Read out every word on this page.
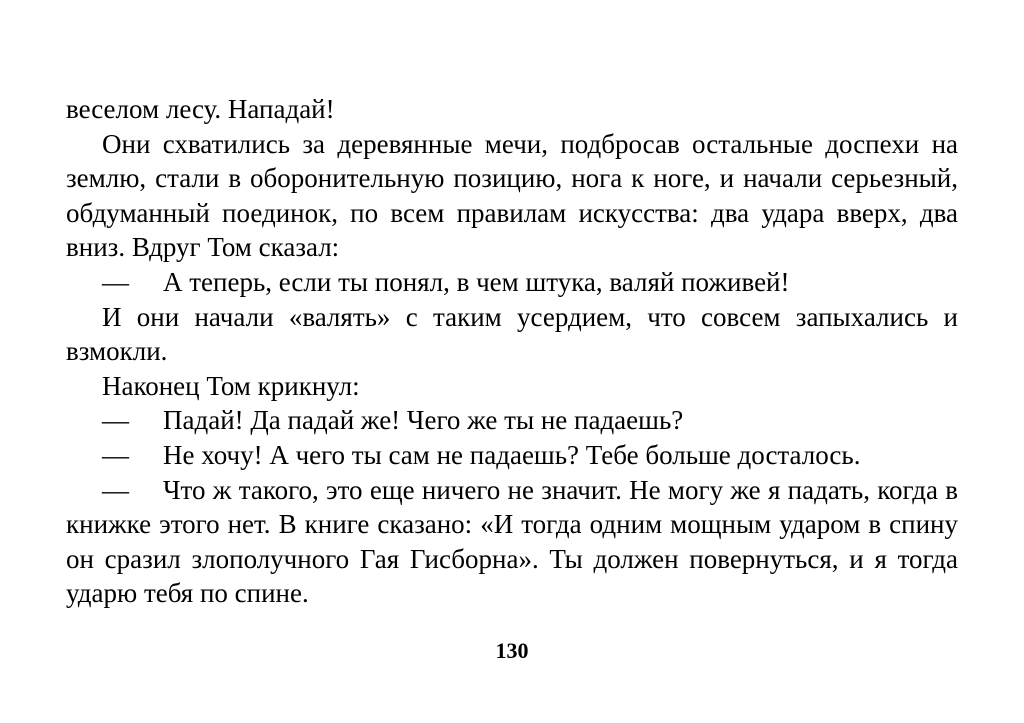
веселом лесу. Нападай!

Они схватились за деревянные мечи, подбросав остальные доспехи на землю, стали в оборонительную позицию, нога к ноге, и начали серьезный, обдуманный поединок, по всем правилам искусства: два удара вверх, два вниз. Вдруг Том сказал:

— А теперь, если ты понял, в чем штука, валяй поживей!

И они начали «валять» с таким усердием, что совсем запыхались и взмокли.

Наконец Том крикнул:

— Падай! Да падай же! Чего же ты не падаешь?

— Не хочу! А чего ты сам не падаешь? Тебе больше досталось.

— Что ж такого, это еще ничего не значит. Не могу же я падать, когда в книжке этого нет. В книге сказано: «И тогда одним мощным ударом в спину он сразил злополучного Гая Гисборна». Ты должен повернуться, и я тогда ударю тебя по спине.

130
